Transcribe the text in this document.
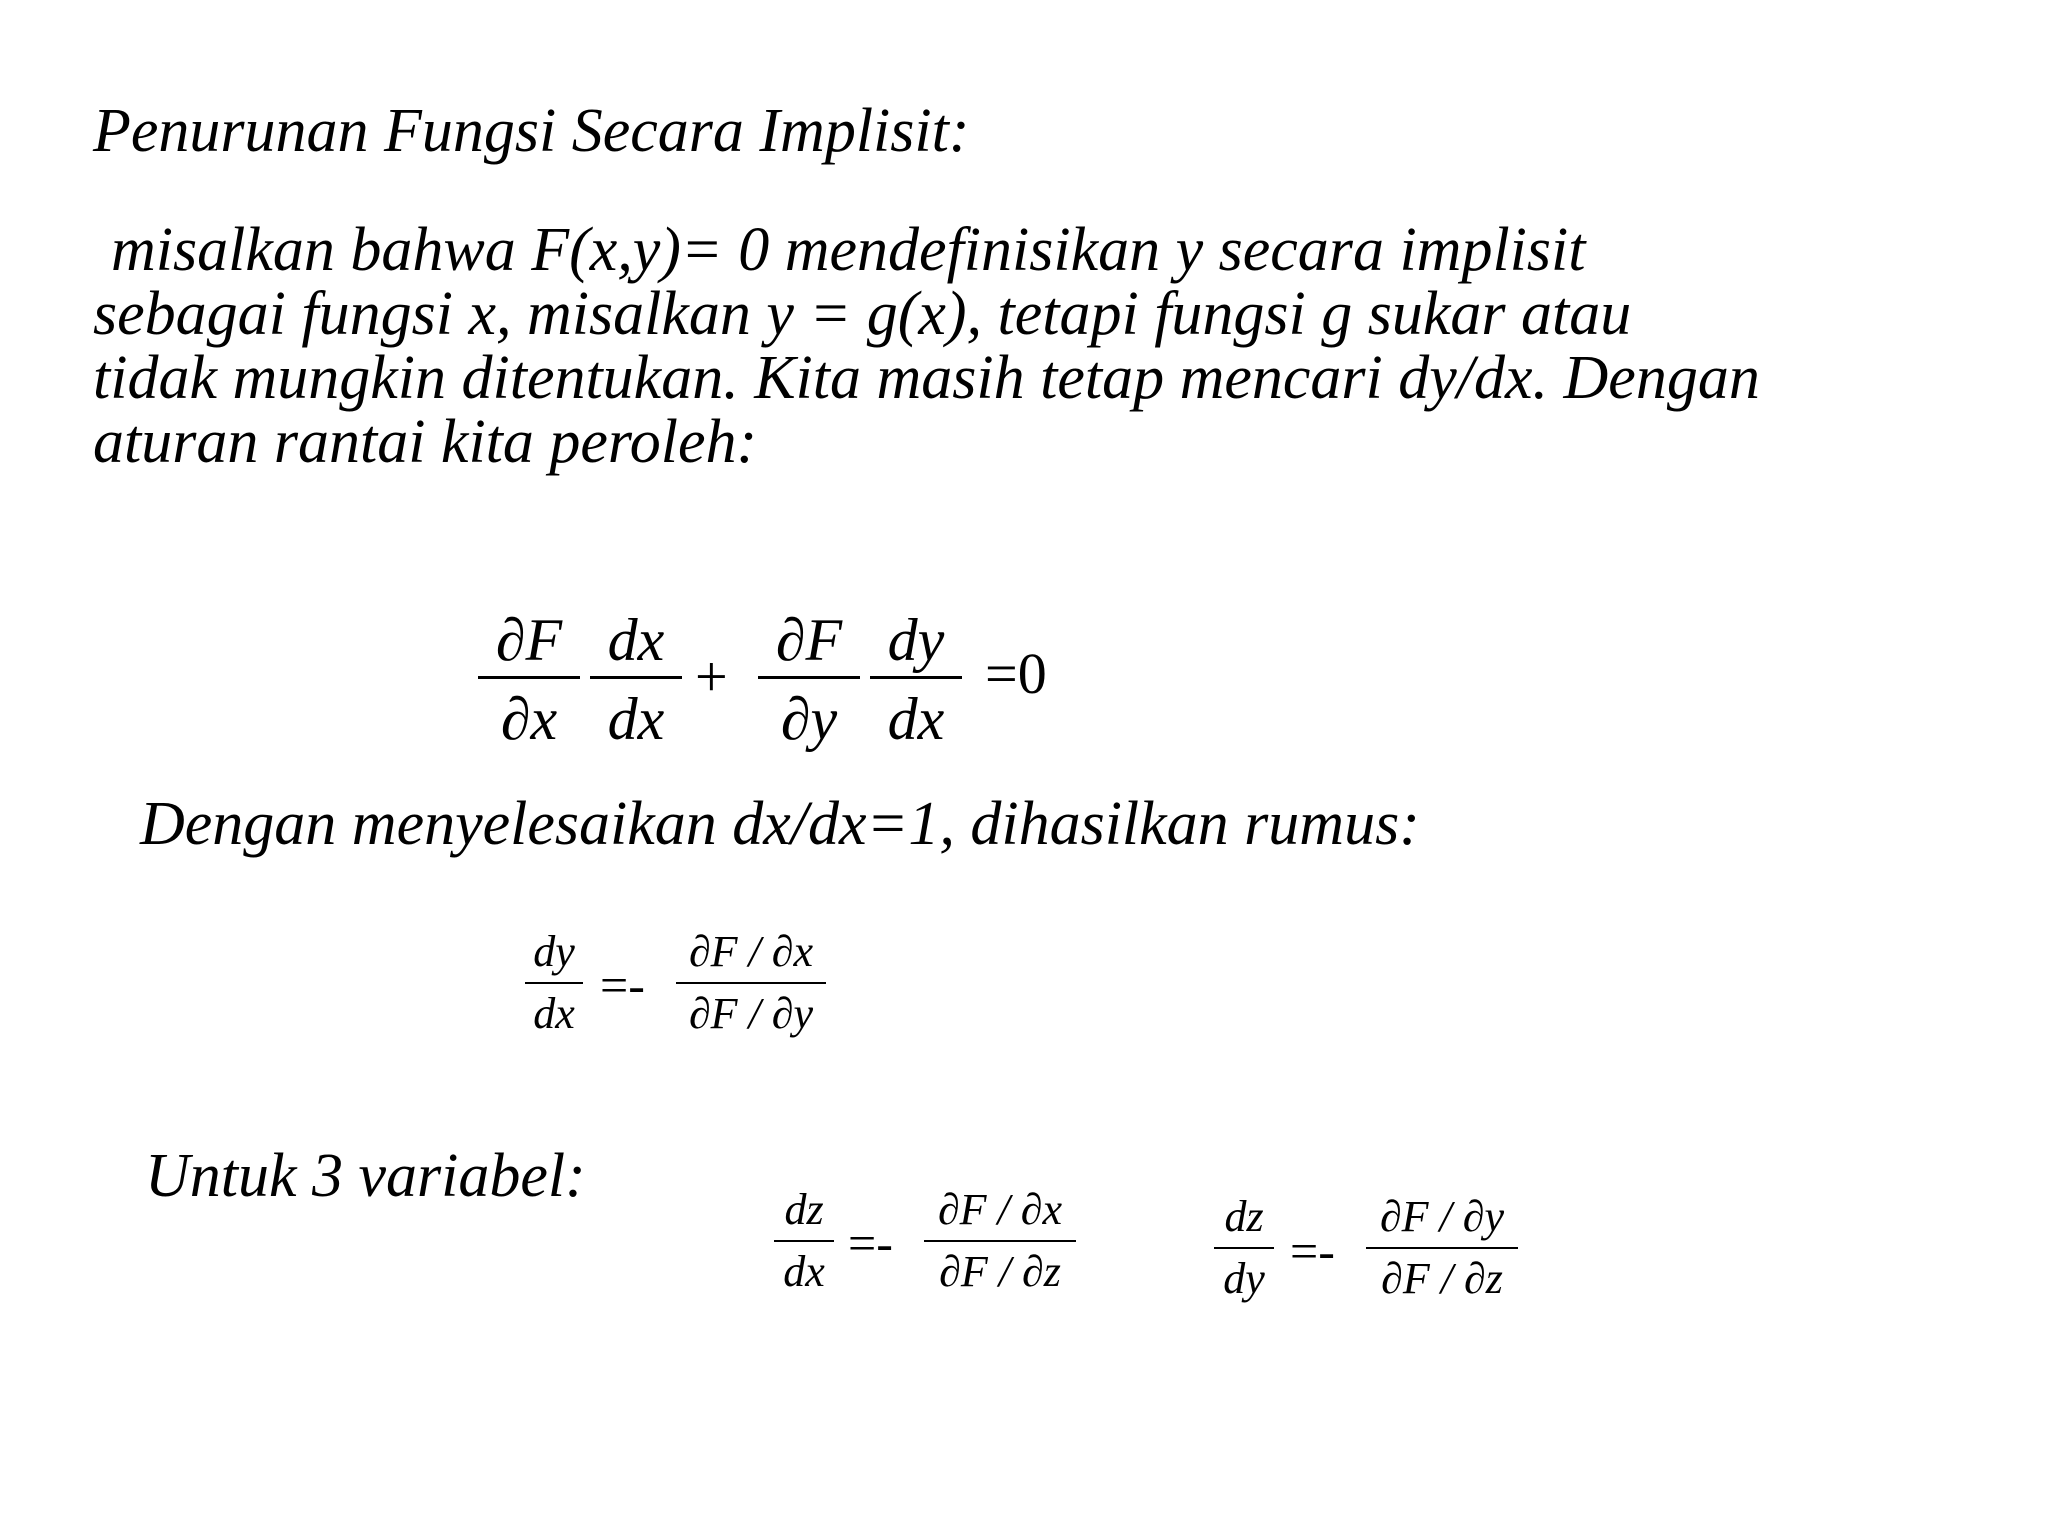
Penurunan Fungsi Secara Implisit:
misalkan bahwa F(x,y)= 0 mendefinisikan y secara implisit
sebagai fungsi x, misalkan y = g(x), tetapi fungsi g sukar atau
tidak mungkin ditentukan. Kita masih tetap mencari dy/dx. Dengan
aturan rantai kita peroleh:
∂F
∂x
dx
dx
+
∂F
∂y
dy
dx
=0
Dengan menyelesaikan dx/dx=1, dihasilkan rumus:
dy
dx
=-
∂F / ∂x
∂F / ∂y
Untuk 3 variabel:	dz
dx
=-
∂F / ∂x
∂F / ∂z
dz
dy =-
∂F / ∂y
∂F / ∂z
